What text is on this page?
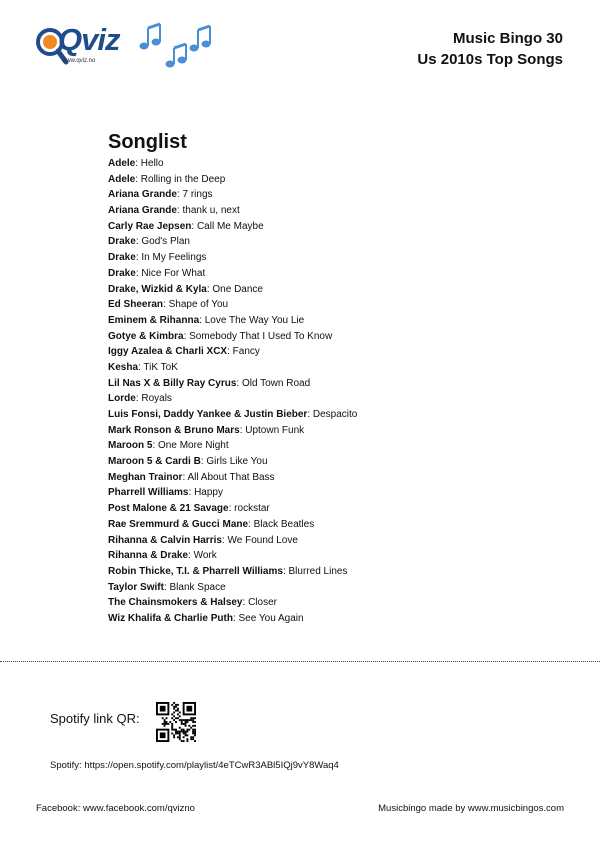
Qviz
www.qviz.no
Music Bingo 30
Us 2010s Top Songs
Songlist
Adele: Hello
Adele: Rolling in the Deep
Ariana Grande: 7 rings
Ariana Grande: thank u, next
Carly Rae Jepsen: Call Me Maybe
Drake: God's Plan
Drake: In My Feelings
Drake: Nice For What
Drake, Wizkid & Kyla: One Dance
Ed Sheeran: Shape of You
Eminem & Rihanna: Love The Way You Lie
Gotye & Kimbra: Somebody That I Used To Know
Iggy Azalea & Charli XCX: Fancy
Kesha: TiK ToK
Lil Nas X & Billy Ray Cyrus: Old Town Road
Lorde: Royals
Luis Fonsi, Daddy Yankee & Justin Bieber: Despacito
Mark Ronson & Bruno Mars: Uptown Funk
Maroon 5: One More Night
Maroon 5 & Cardi B: Girls Like You
Meghan Trainor: All About That Bass
Pharrell Williams: Happy
Post Malone & 21 Savage: rockstar
Rae Sremmurd & Gucci Mane: Black Beatles
Rihanna & Calvin Harris: We Found Love
Rihanna & Drake: Work
Robin Thicke, T.I. & Pharrell Williams: Blurred Lines
Taylor Swift: Blank Space
The Chainsmokers & Halsey: Closer
Wiz Khalifa & Charlie Puth: See You Again
Spotify link QR:
Spotify: https://open.spotify.com/playlist/4eTCwR3ABl5IQj9vY8Waq4
Facebook: www.facebook.com/qvizno	Musicbingo made by www.musicbingos.com
